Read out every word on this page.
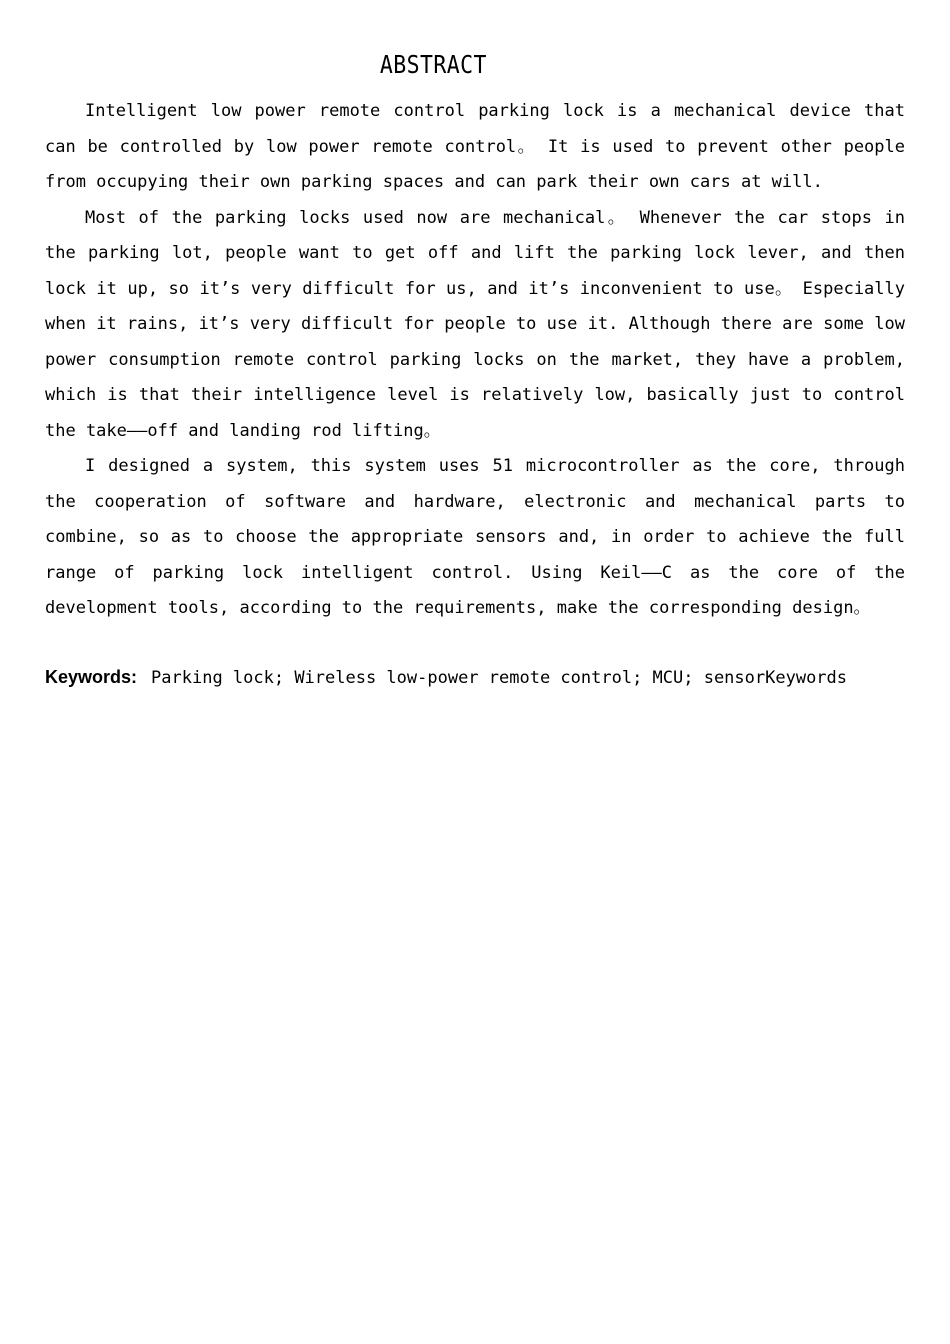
ABSTRACT

Intelligent low power remote control parking lock is a mechanical device that can be controlled by low power remote control。 It is used to prevent other people from occupying their own parking spaces and can park their own cars at will.

Most of the parking locks used now are mechanical。 Whenever the car stops in the parking lot, people want to get off and lift the parking lock lever, and then lock it up, so it’s very difficult for us, and it’s inconvenient to use。 Especially when it rains, it’s very difficult for people to use it. Although there are some low power consumption remote control parking locks on the market, they have a problem, which is that their intelligence level is relatively low, basically just to control the take——off and landing rod lifting。

I designed a system, this system uses 51 microcontroller as the core, through the cooperation of software and hardware, electronic and mechanical parts to combine, so as to choose the appropriate sensors and, in order to achieve the full range of parking lock intelligent control. Using Keil——C as the core of the development tools, according to the requirements, make the corresponding design。

Keywords: Parking lock; Wireless low-power remote control; MCU; sensorKeywords
